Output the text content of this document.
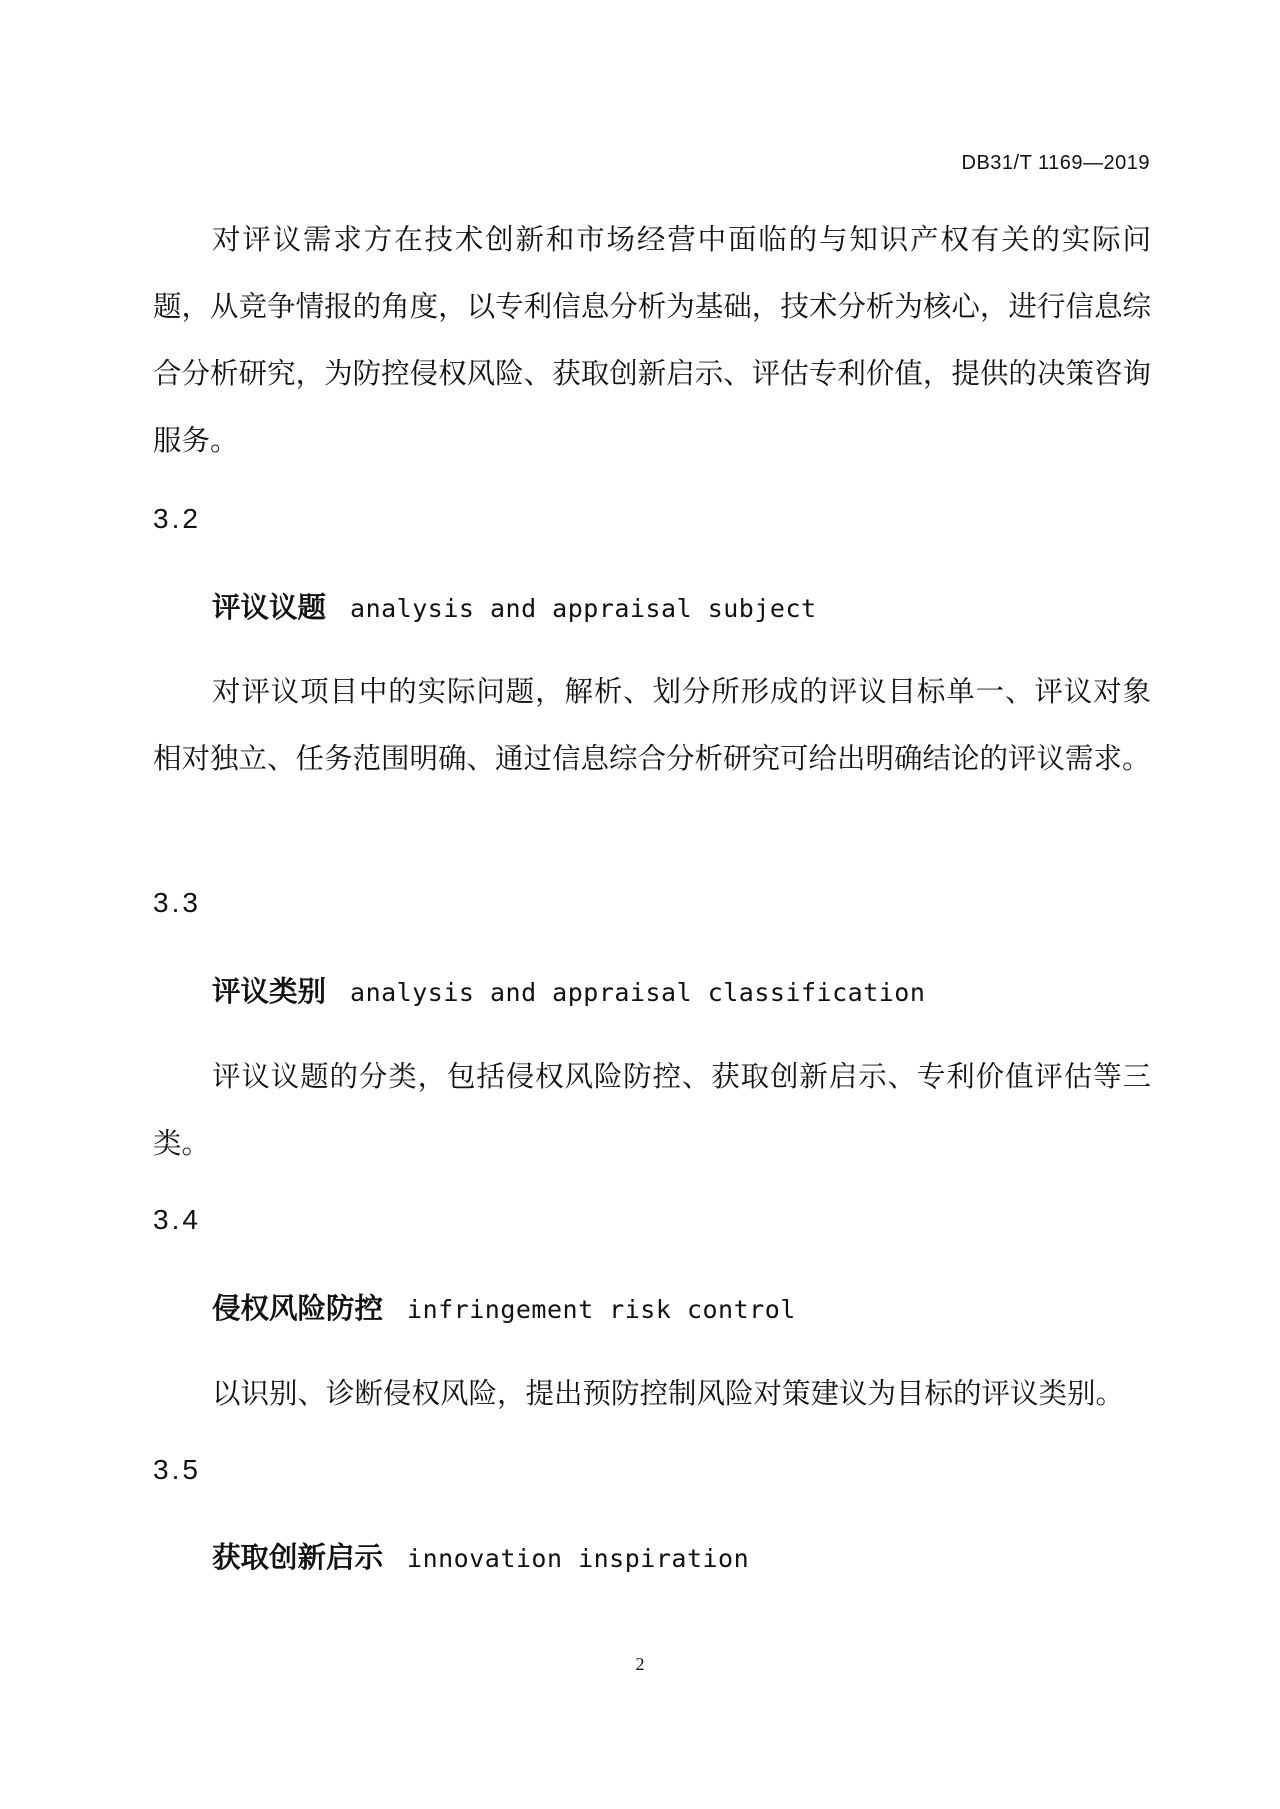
DB31/T 1169—2019

对评议需求方在技术创新和市场经营中面临的与知识产权有关的实际问题，从竞争情报的角度，以专利信息分析为基础，技术分析为核心，进行信息综合分析研究，为防控侵权风险、获取创新启示、评估专利价值，提供的决策咨询服务。

3.2
评议议题 analysis and appraisal subject

对评议项目中的实际问题，解析、划分所形成的评议目标单一、评议对象相对独立、任务范围明确、通过信息综合分析研究可给出明确结论的评议需求。

3.3
评议类别 analysis and appraisal classification

评议议题的分类，包括侵权风险防控、获取创新启示、专利价值评估等三类。

3.4
侵权风险防控 infringement risk control

以识别、诊断侵权风险，提出预防控制风险对策建议为目标的评议类别。

3.5
获取创新启示 innovation inspiration
2
